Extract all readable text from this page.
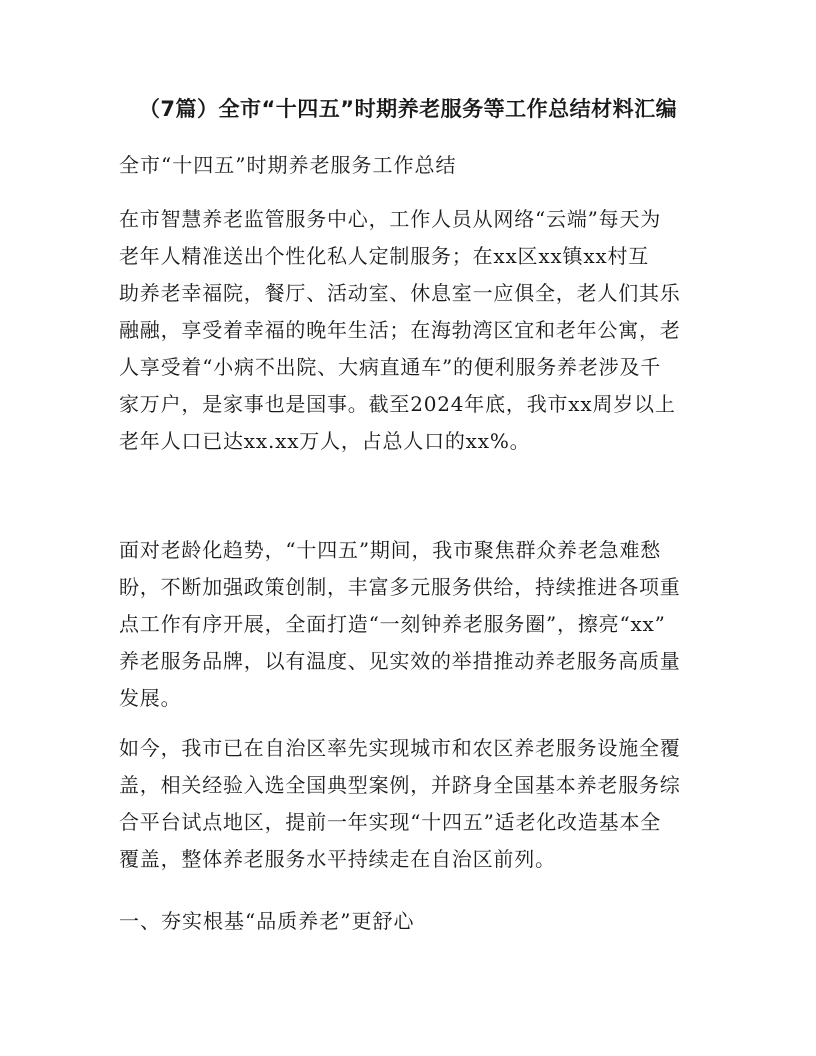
（7篇）全市“十四五”时期养老服务等工作总结材料汇编

全市“十四五”时期养老服务工作总结

在市智慧养老监管服务中心，工作人员从网络“云端”每天为
老年人精准送出个性化私人定制服务；在xx区xx镇xx村互
助养老幸福院，餐厅、活动室、休息室一应俱全，老人们其乐
融融，享受着幸福的晚年生活；在海勃湾区宜和老年公寓，老
人享受着“小病不出院、大病直通车”的便利服务养老涉及千
家万户，是家事也是国事。截至2024年底，我市xx周岁以上
老年人口已达xx.xx万人，占总人口的xx%。

面对老龄化趋势，“十四五”期间，我市聚焦群众养老急难愁
盼，不断加强政策创制，丰富多元服务供给，持续推进各项重
点工作有序开展，全面打造“一刻钟养老服务圈”，擦亮“xx”
养老服务品牌，以有温度、见实效的举措推动养老服务高质量
发展。

如今，我市已在自治区率先实现城市和农区养老服务设施全覆
盖，相关经验入选全国典型案例，并跻身全国基本养老服务综
合平台试点地区，提前一年实现“十四五”适老化改造基本全
覆盖，整体养老服务水平持续走在自治区前列。

一、夯实根基“品质养老”更舒心
